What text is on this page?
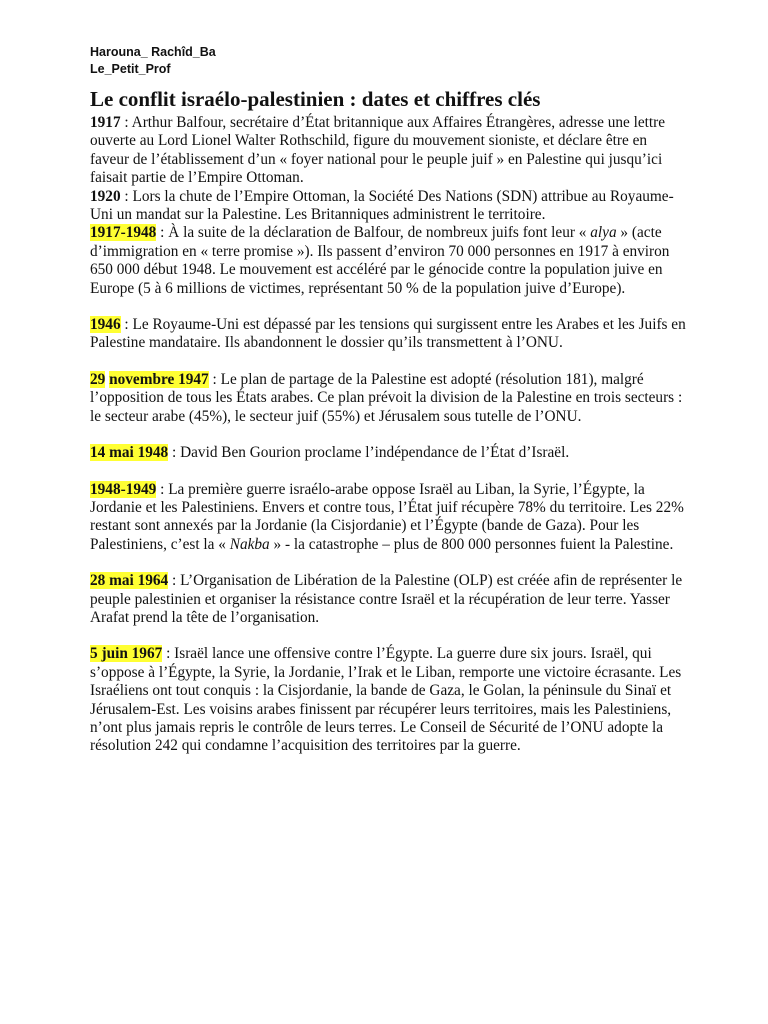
Harouna_ Rachîd_Ba

Le_Petit_Prof

Le conflit israélo-palestinien : dates et chiffres clés

1917 : Arthur Balfour, secrétaire d’État britannique aux Affaires Étrangères, adresse une lettre ouverte au Lord Lionel Walter Rothschild, figure du mouvement sioniste, et déclare être en faveur de l’établissement d’un « foyer national pour le peuple juif » en Palestine qui jusqu’ici faisait partie de l’Empire Ottoman.

1920 : Lors la chute de l’Empire Ottoman, la Société Des Nations (SDN) attribue au Royaume-Uni un mandat sur la Palestine. Les Britanniques administrent le territoire.

1917-1948 : À la suite de la déclaration de Balfour, de nombreux juifs font leur « alya » (acte d’immigration en « terre promise »). Ils passent d’environ 70 000 personnes en 1917 à environ 650 000 début 1948. Le mouvement est accéléré par le génocide contre la population juive en Europe (5 à 6 millions de victimes, représentant 50 % de la population juive d’Europe).

1946 : Le Royaume-Uni est dépassé par les tensions qui surgissent entre les Arabes et les Juifs en Palestine mandataire. Ils abandonnent le dossier qu’ils transmettent à l’ONU.

29 novembre 1947 : Le plan de partage de la Palestine est adopté (résolution 181), malgré l’opposition de tous les États arabes. Ce plan prévoit la division de la Palestine en trois secteurs : le secteur arabe (45%), le secteur juif (55%) et Jérusalem sous tutelle de l’ONU.

14 mai 1948 : David Ben Gourion proclame l’indépendance de l’État d’Israël.

1948-1949 : La première guerre israélo-arabe oppose Israël au Liban, la Syrie, l’Égypte, la Jordanie et les Palestiniens. Envers et contre tous, l’État juif récupère 78% du territoire. Les 22% restant sont annexés par la Jordanie (la Cisjordanie) et l’Égypte (bande de Gaza). Pour les Palestiniens, c’est la « Nakba » - la catastrophe – plus de 800 000 personnes fuient la Palestine.

28 mai 1964 : L’Organisation de Libération de la Palestine (OLP) est créée afin de représenter le peuple palestinien et organiser la résistance contre Israël et la récupération de leur terre. Yasser Arafat prend la tête de l’organisation.

5 juin 1967 : Israël lance une offensive contre l’Égypte. La guerre dure six jours. Israël, qui s’oppose à l’Égypte, la Syrie, la Jordanie, l’Irak et le Liban, remporte une victoire écrasante. Les Israéliens ont tout conquis : la Cisjordanie, la bande de Gaza, le Golan, la péninsule du Sinaï et Jérusalem-Est. Les voisins arabes finissent par récupérer leurs territoires, mais les Palestiniens, n’ont plus jamais repris le contrôle de leurs terres. Le Conseil de Sécurité de l’ONU adopte la résolution 242 qui condamne l’acquisition des territoires par la guerre.
